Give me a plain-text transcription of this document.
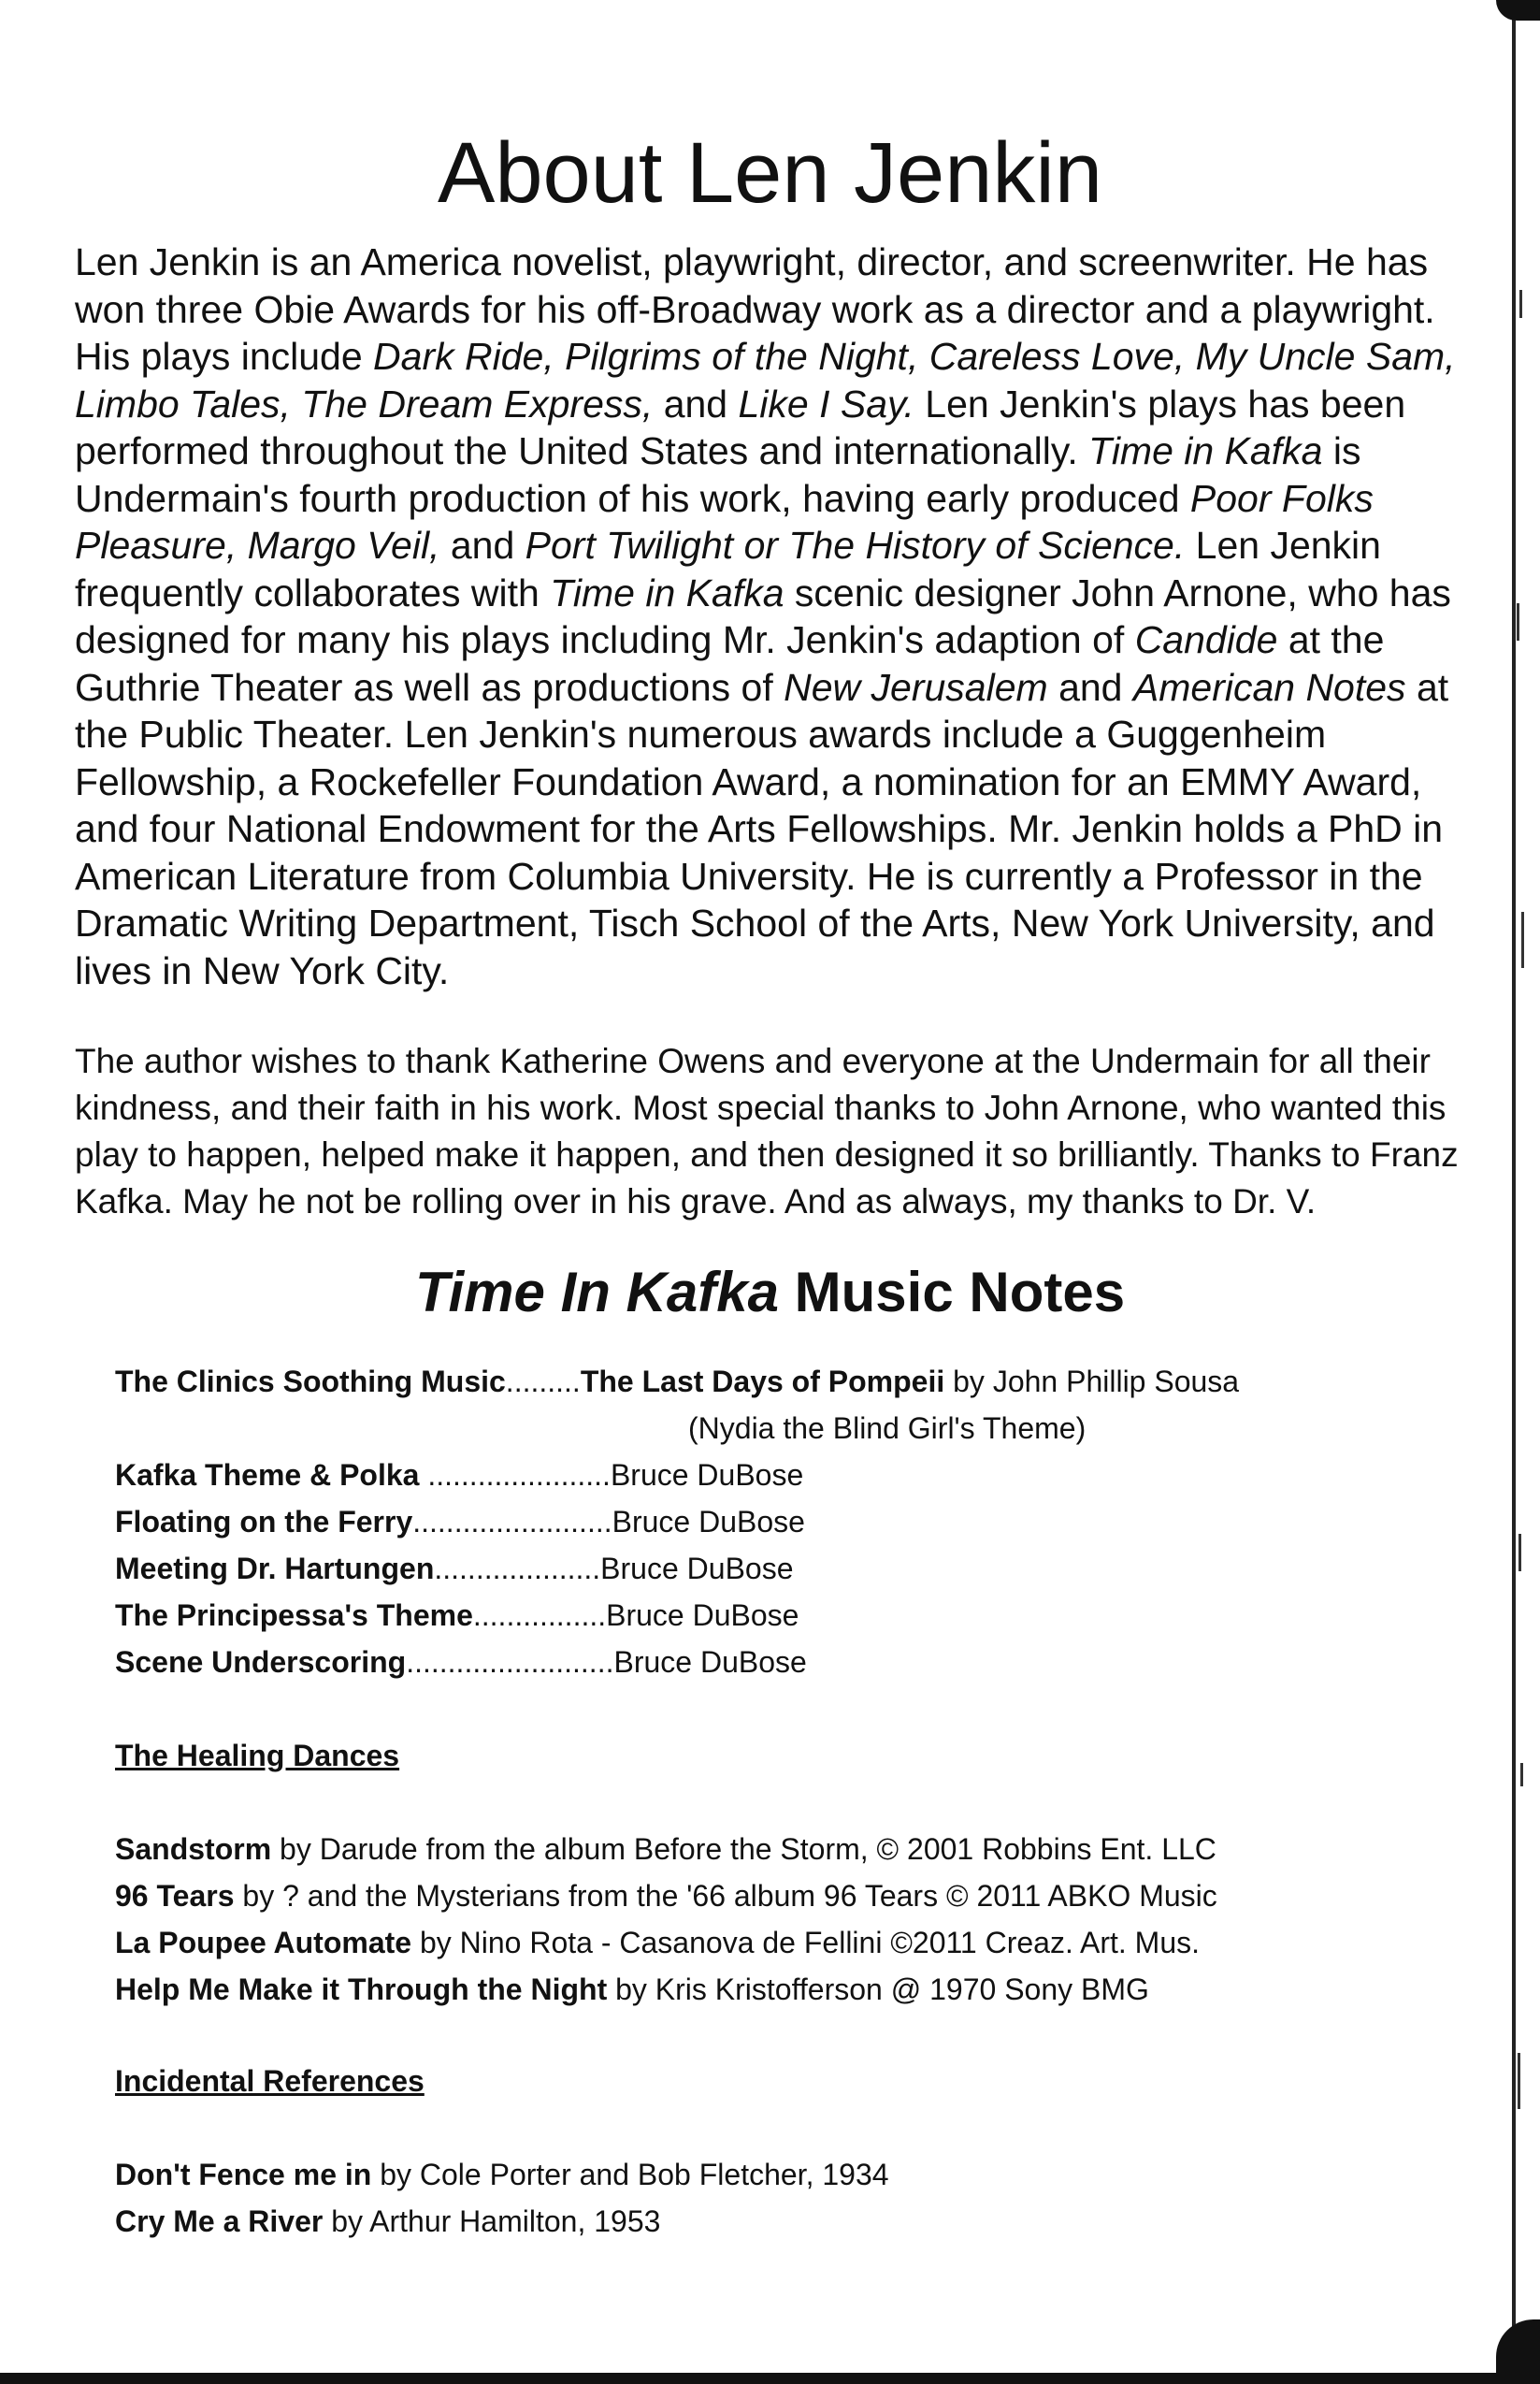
About Len Jenkin

Len Jenkin is an America novelist, playwright, director, and screenwriter. He has won three Obie Awards for his off-Broadway work as a director and a playwright. His plays include Dark Ride, Pilgrims of the Night, Careless Love, My Uncle Sam, Limbo Tales, The Dream Express, and Like I Say. Len Jenkin's plays has been performed throughout the United States and internationally. Time in Kafka is Undermain's fourth production of his work, having early produced Poor Folks Pleasure, Margo Veil, and Port Twilight or The History of Science. Len Jenkin frequently collaborates with Time in Kafka scenic designer John Arnone, who has designed for many his plays including Mr. Jenkin's adaption of Candide at the Guthrie Theater as well as productions of New Jerusalem and American Notes at the Public Theater. Len Jenkin's numerous awards include a Guggenheim Fellowship, a Rockefeller Foundation Award, a nomination for an EMMY Award, and four National Endowment for the Arts Fellowships. Mr. Jenkin holds a PhD in American Literature from Columbia University. He is currently a Professor in the Dramatic Writing Department, Tisch School of the Arts, New York University, and lives in New York City.

The author wishes to thank Katherine Owens and everyone at the Undermain for all their kindness, and their faith in his work. Most special thanks to John Arnone, who wanted this play to happen, helped make it happen, and then designed it so brilliantly. Thanks to Franz Kafka. May he not be rolling over in his grave. And as always, my thanks to Dr. V.

Time In Kafka Music Notes
The Clinics Soothing Music.........The Last Days of Pompeii by John Phillip Sousa
(Nydia the Blind Girl's Theme)
Kafka Theme & Polka ......................Bruce DuBose
Floating on the Ferry........................Bruce DuBose
Meeting Dr. Hartungen....................Bruce DuBose
The Principessa's Theme................Bruce DuBose
Scene Underscoring.........................Bruce DuBose
The Healing Dances
Sandstorm by Darude from the album Before the Storm, © 2001 Robbins Ent. LLC
96 Tears by ? and the Mysterians from the '66 album 96 Tears © 2011 ABKO Music
La Poupee Automate by Nino Rota - Casanova de Fellini ©2011 Creaz. Art. Mus.
Help Me Make it Through the Night by Kris Kristofferson @ 1970 Sony BMG
Incidental References
Don't Fence me in by Cole Porter and Bob Fletcher, 1934
Cry Me a River by Arthur Hamilton, 1953
